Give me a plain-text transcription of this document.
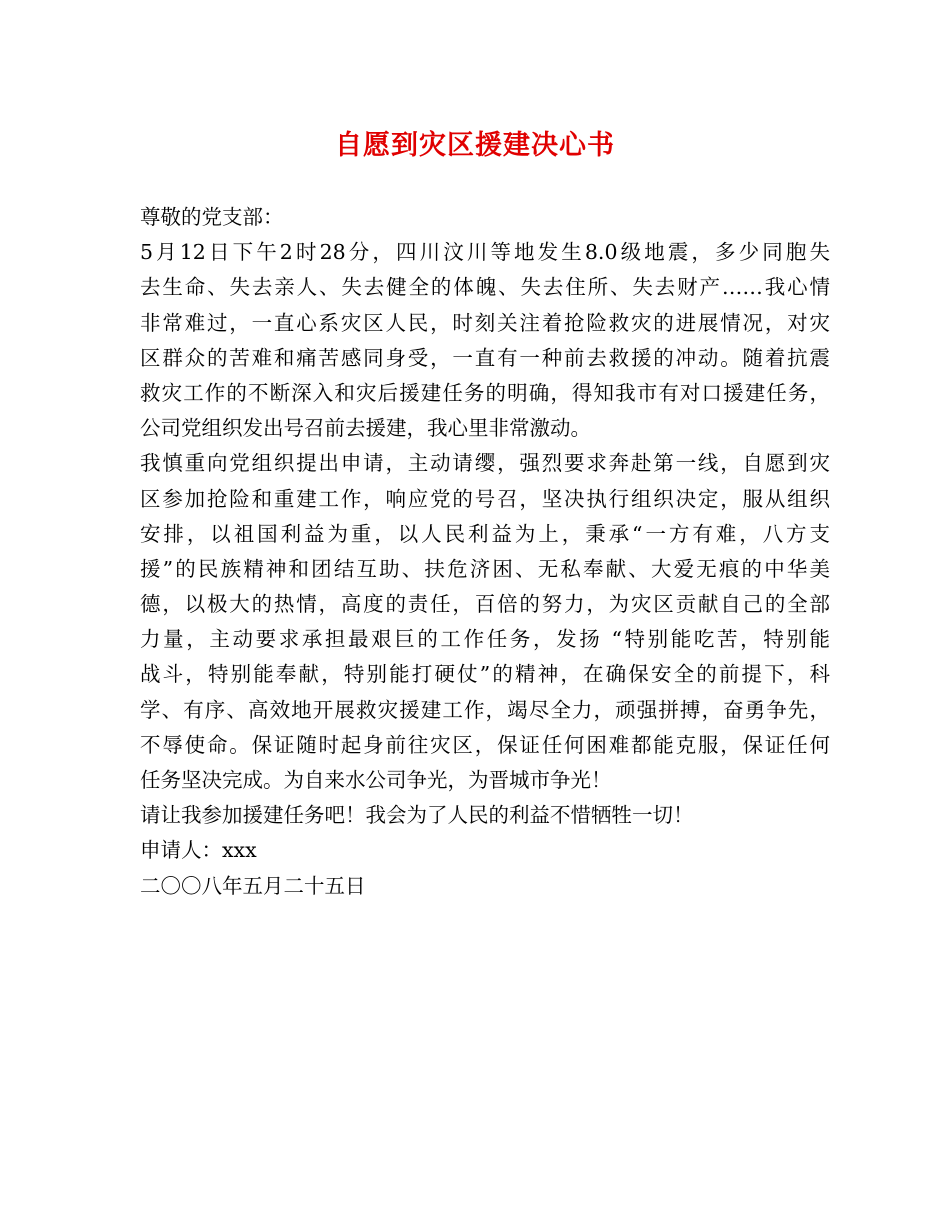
自愿到灾区援建决心书
尊敬的党支部：
5月12日下午2时28分，四川汶川等地发生8.0级地震，多少同胞失
去生命、失去亲人、失去健全的体魄、失去住所、失去财产……我心情
非常难过，一直心系灾区人民，时刻关注着抢险救灾的进展情况，对灾
区群众的苦难和痛苦感同身受，一直有一种前去救援的冲动。随着抗震
救灾工作的不断深入和灾后援建任务的明确，得知我市有对口援建任务，
公司党组织发出号召前去援建，我心里非常激动。
我慎重向党组织提出申请，主动请缨，强烈要求奔赴第一线，自愿到灾
区参加抢险和重建工作，响应党的号召，坚决执行组织决定，服从组织
安排，以祖国利益为重，以人民利益为上，秉承“一方有难，八方支
援”的民族精神和团结互助、扶危济困、无私奉献、大爱无痕的中华美
德，以极大的热情，高度的责任，百倍的努力，为灾区贡献自己的全部
力量，主动要求承担最艰巨的工作任务，发扬 “特别能吃苦，特别能
战斗，特别能奉献，特别能打硬仗”的精神，在确保安全的前提下，科
学、有序、高效地开展救灾援建工作，竭尽全力，顽强拼搏，奋勇争先，
不辱使命。保证随时起身前往灾区，保证任何困难都能克服，保证任何
任务坚决完成。为自来水公司争光，为晋城市争光！
请让我参加援建任务吧！我会为了人民的利益不惜牺牲一切！
申请人：xxx
二〇〇八年五月二十五日
